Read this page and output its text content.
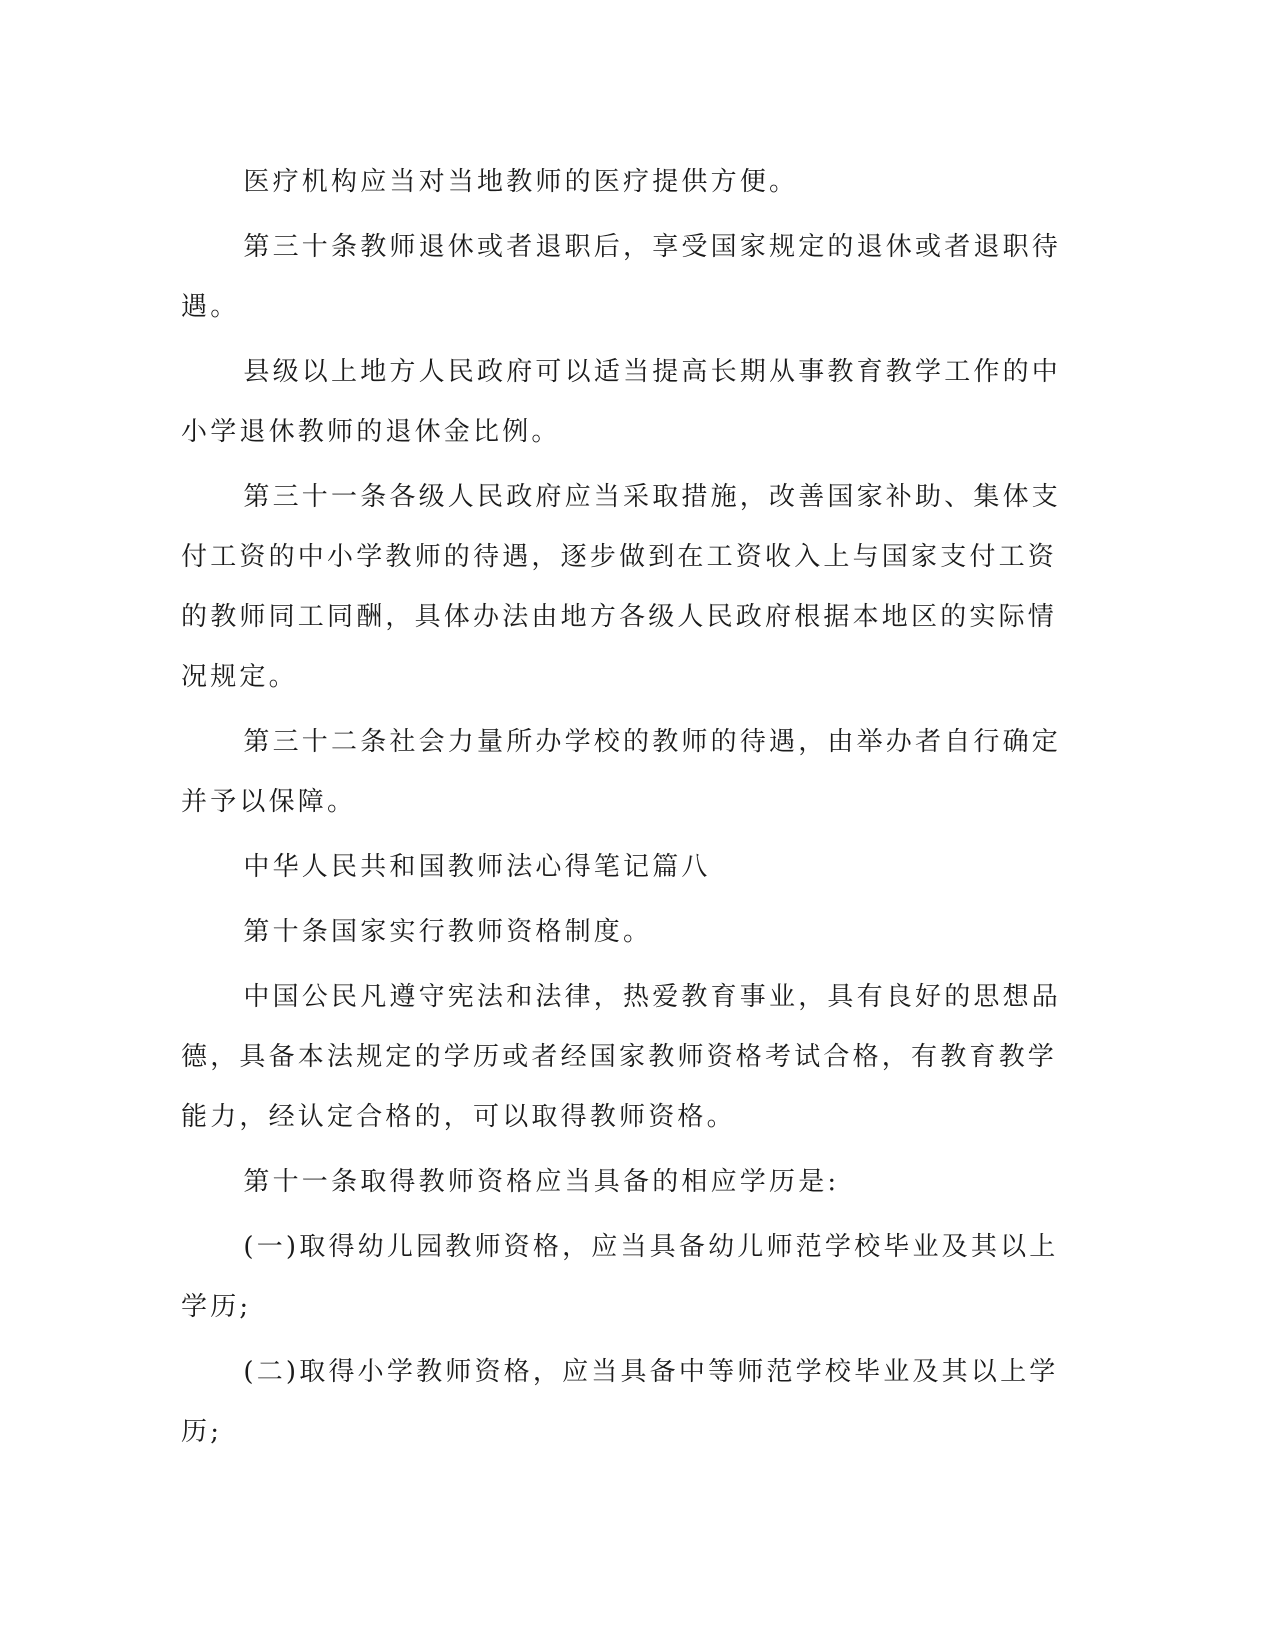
医疗机构应当对当地教师的医疗提供方便。

第三十条教师退休或者退职后，享受国家规定的退休或者退职待遇。

县级以上地方人民政府可以适当提高长期从事教育教学工作的中小学退休教师的退休金比例。

第三十一条各级人民政府应当采取措施，改善国家补助、集体支付工资的中小学教师的待遇，逐步做到在工资收入上与国家支付工资的教师同工同酬，具体办法由地方各级人民政府根据本地区的实际情况规定。

第三十二条社会力量所办学校的教师的待遇，由举办者自行确定并予以保障。

中华人民共和国教师法心得笔记篇八

第十条国家实行教师资格制度。

中国公民凡遵守宪法和法律，热爱教育事业，具有良好的思想品德，具备本法规定的学历或者经国家教师资格考试合格，有教育教学能力，经认定合格的，可以取得教师资格。

第十一条取得教师资格应当具备的相应学历是:

(一)取得幼儿园教师资格，应当具备幼儿师范学校毕业及其以上学历;

(二)取得小学教师资格，应当具备中等师范学校毕业及其以上学历;
